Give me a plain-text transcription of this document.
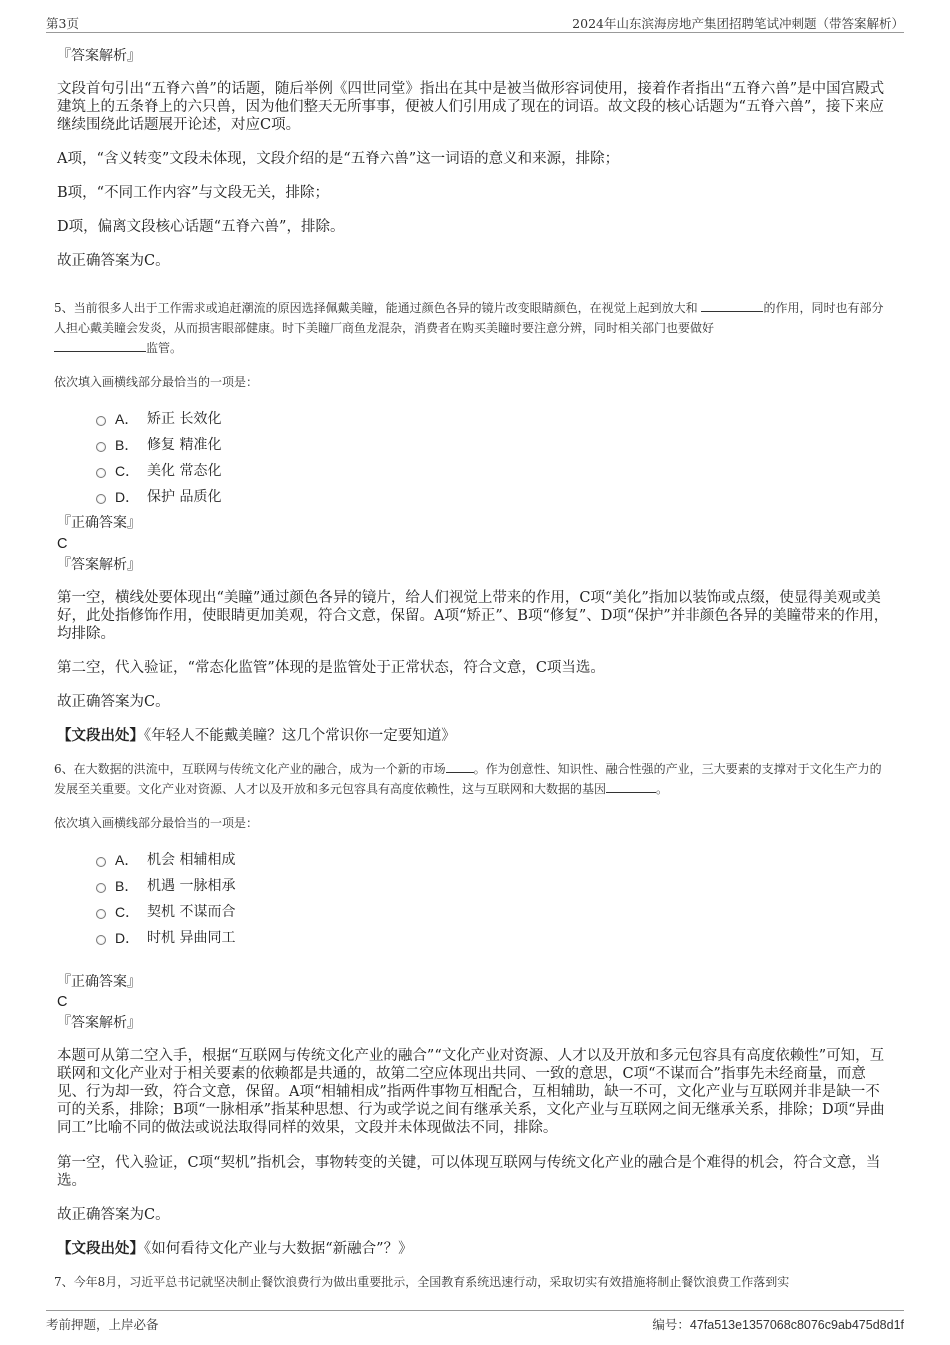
第3页	2024年山东滨海房地产集团招聘笔试冲刺题（带答案解析）
『答案解析』
文段首句引出“五脊六兽”的话题，随后举例《四世同堂》指出在其中是被当做形容词使用，接着作者指出“五脊六兽”是中国宫殿式建筑上的五条脊上的六只兽，因为他们整天无所事事，便被人们引用成了现在的词语。故文段的核心话题为“五脊六兽”，接下来应继续围绕此话题展开论述，对应C项。
A项，“含义转变”文段未体现，文段介绍的是“五脊六兽”这一词语的意义和来源，排除；
B项，“不同工作内容”与文段无关，排除；
D项，偏离文段核心话题“五脊六兽”，排除。
故正确答案为C。
5、当前很多人出于工作需求或追赶潮流的原因选择佩戴美瞳，能通过颜色各异的镜片改变眼睛颜色，在视觉上起到放大和	的作用，同时也有部分人担心戴美瞳会发炎，从而损害眼部健康。时下美瞳厂商鱼龙混杂，消费者在购买美瞳时要注意分辨，同时相关部门也要做好
监管。
依次填入画横线部分最恰当的一项是：
A． 矫正 长效化
B． 修复 精准化
C． 美化 常态化
D． 保护 品质化
『正确答案』
C
『答案解析』
第一空，横线处要体现出“美瞳”通过颜色各异的镜片，给人们视觉上带来的作用，C项“美化”指加以装饰或点缀，使显得美观或美好，此处指修饰作用，使眼睛更加美观，符合文意，保留。A项“矫正”、B项“修复”、D项“保护”并非颜色各异的美瞳带来的作用，均排除。
第二空，代入验证，“常态化监管”体现的是监管处于正常状态，符合文意，C项当选。
故正确答案为C。
【文段出处】《年轻人不能戴美瞳？这几个常识你一定要知道》
6、在大数据的洪流中，互联网与传统文化产业的融合，成为一个新的市场 。作为创意性、知识性、融合性强的产业，三大要素的支撑对于文化生产力的发展至关重要。文化产业对资源、人才以及开放和多元包容具有高度依赖性，这与互联网和大数据的基因	。
依次填入画横线部分最恰当的一项是：
A． 机会 相辅相成
B． 机遇 一脉相承
C． 契机 不谋而合
D． 时机 异曲同工
『正确答案』
C
『答案解析』
本题可从第二空入手，根据“互联网与传统文化产业的融合”“文化产业对资源、人才以及开放和多元包容具有高度依赖性”可知，互联网和文化产业对于相关要素的依赖都是共通的，故第二空应体现出共同、一致的意思，C项“不谋而合”指事先未经商量，而意见、行为却一致，符合文意，保留。A项“相辅相成”指两件事物互相配合，互相辅助，缺一不可，文化产业与互联网并非是缺一不可的关系，排除；B项“一脉相承”指某种思想、行为或学说之间有继承关系，文化产业与互联网之间无继承关系，排除；D项“异曲同工”比喻不同的做法或说法取得同样的效果，文段并未体现做法不同，排除。
第一空，代入验证，C项“契机”指机会，事物转变的关键，可以体现互联网与传统文化产业的融合是个难得的机会，符合文意，当选。
故正确答案为C。
【文段出处】《如何看待文化产业与大数据“新融合”？》
7、今年8月，习近平总书记就坚决制止餐饮浪费行为做出重要批示，全国教育系统迅速行动，采取切实有效措施将制止餐饮浪费工作落到实
考前押题，上岸必备	编号：47fa513e1357068c8076c9ab475d8d1f
